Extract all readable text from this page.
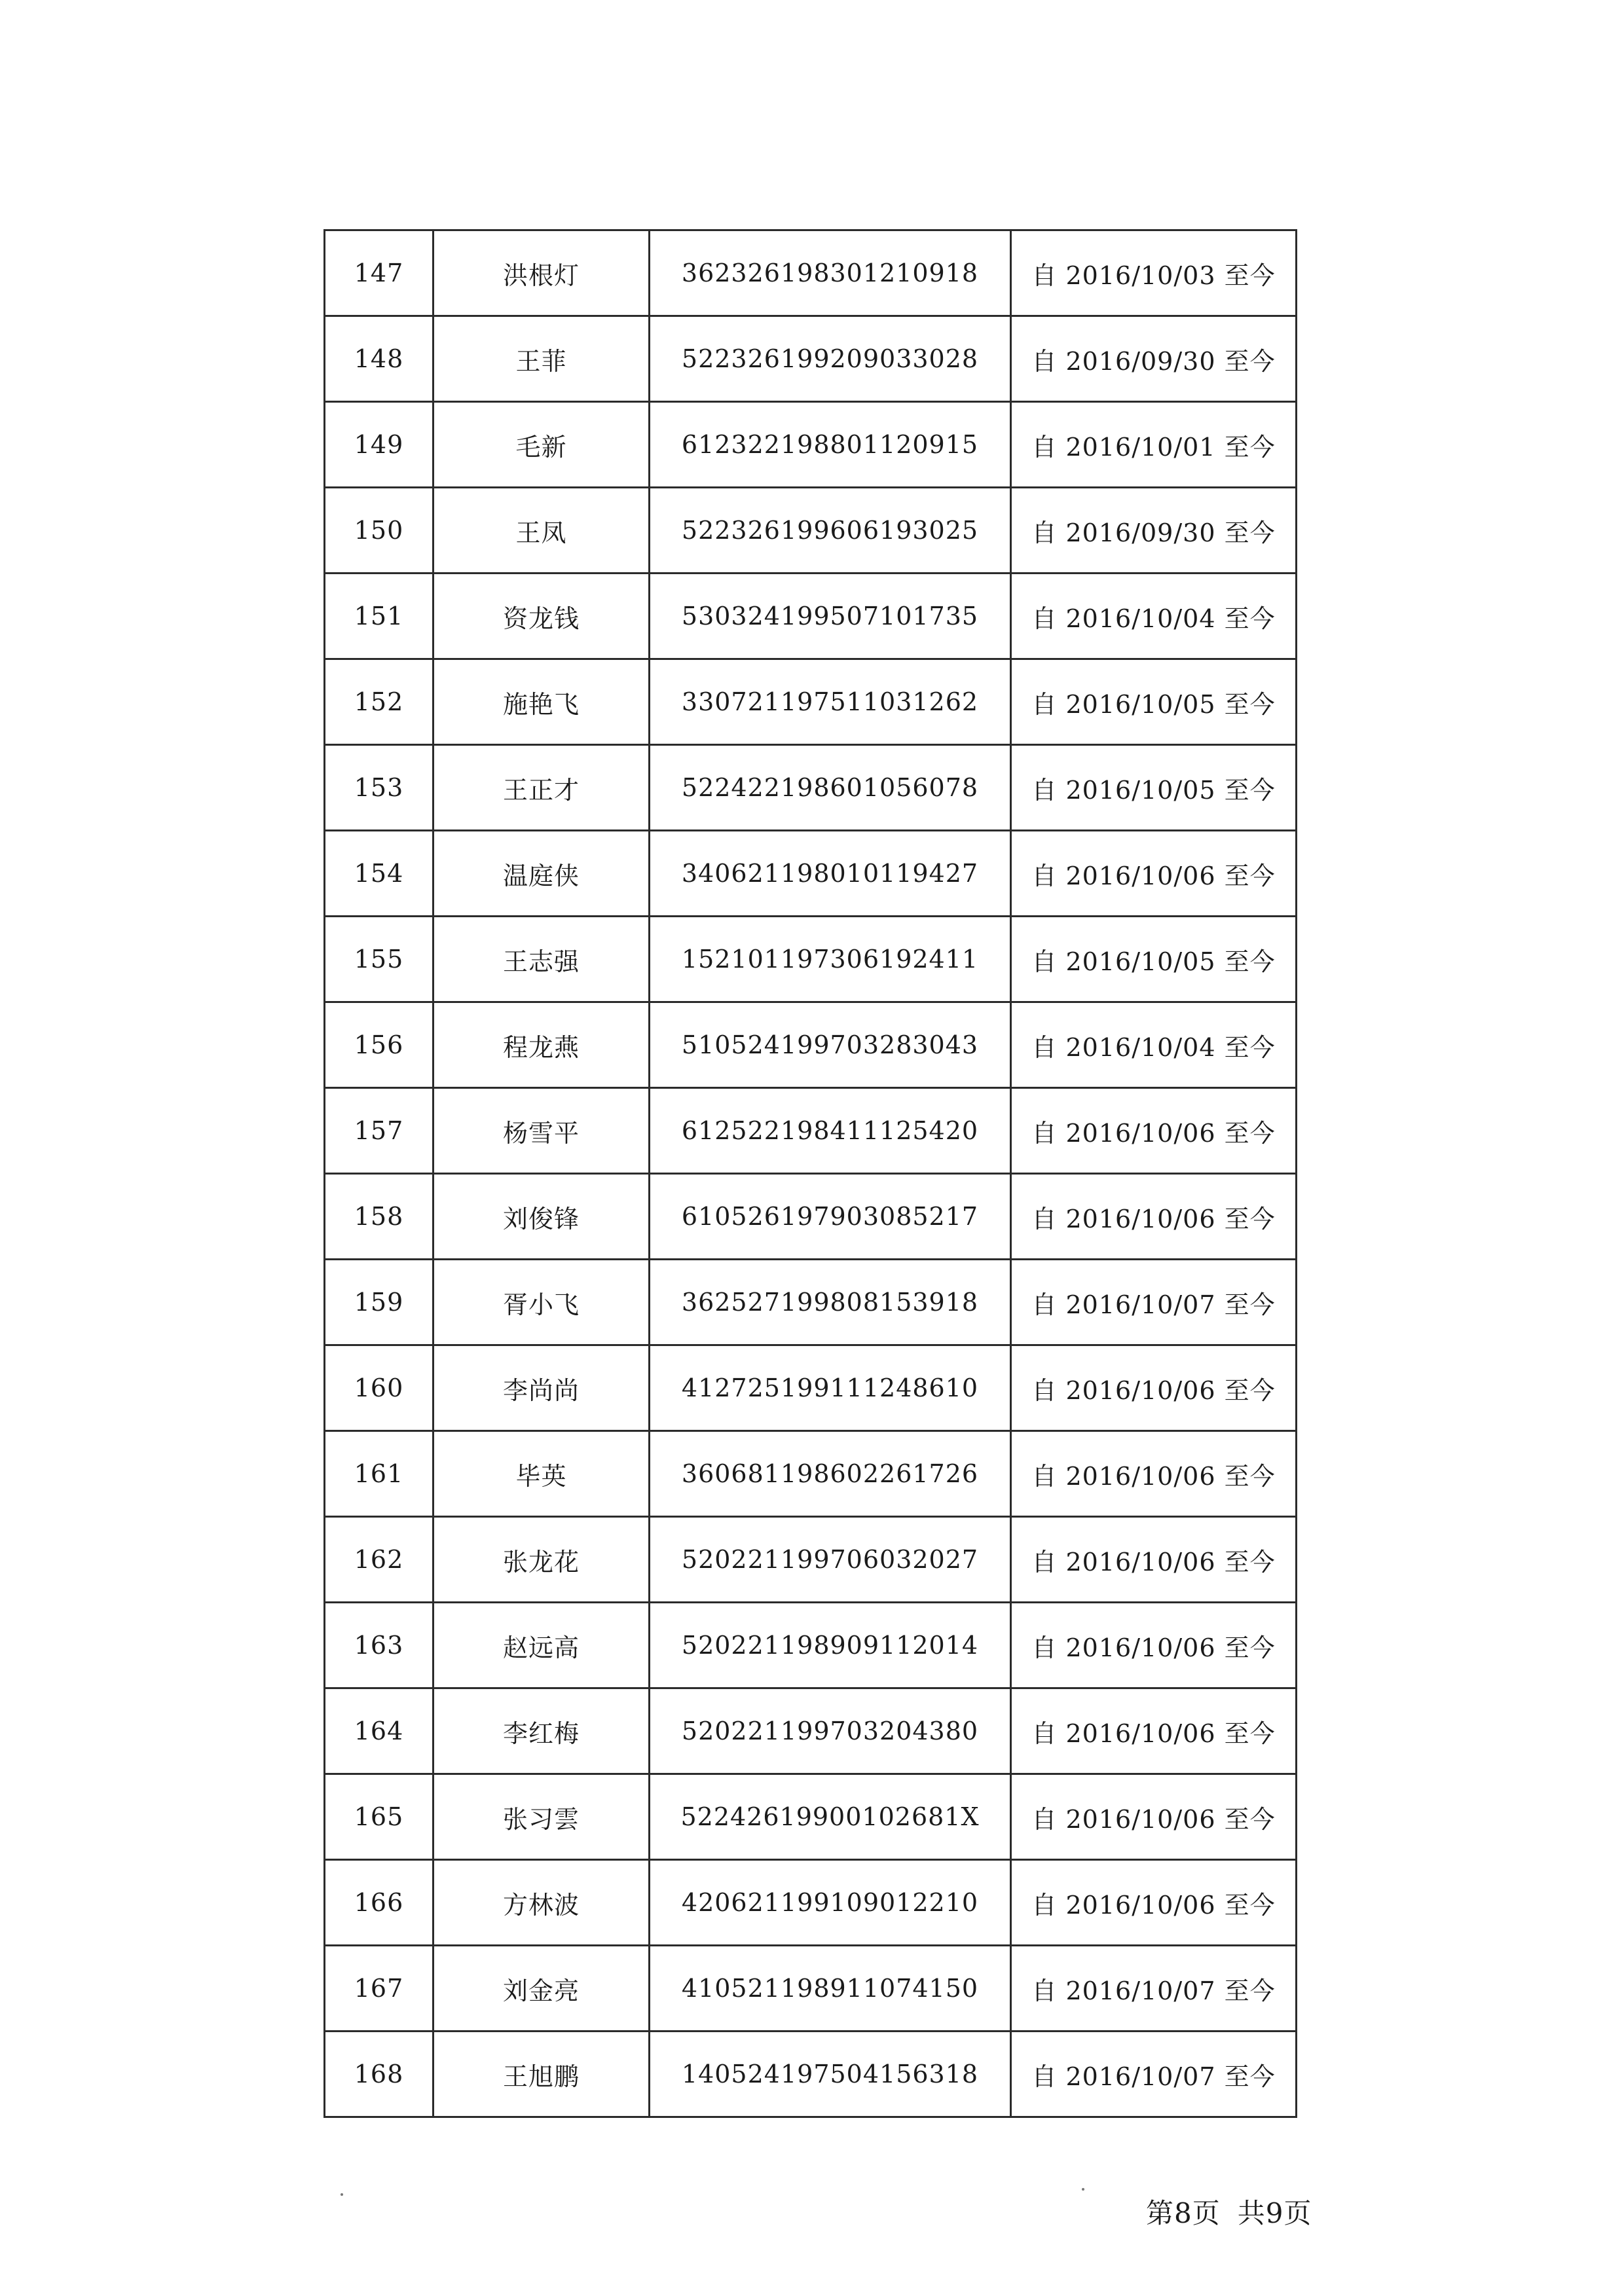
147	洪根灯	362326198301210918	自 2016/10/03 至今
148	王菲	522326199209033028	自 2016/09/30 至今
149	毛新	612322198801120915	自 2016/10/01 至今
150	王凤	522326199606193025	自 2016/09/30 至今
151	资龙钱	530324199507101735	自 2016/10/04 至今
152	施艳飞	330721197511031262	自 2016/10/05 至今
153	王正才	522422198601056078	自 2016/10/05 至今
154	温庭侠	340621198010119427	自 2016/10/06 至今
155	王志强	152101197306192411	自 2016/10/05 至今
156	程龙燕	510524199703283043	自 2016/10/04 至今
157	杨雪平	612522198411125420	自 2016/10/06 至今
158	刘俊锋	610526197903085217	自 2016/10/06 至今
159	胥小飞	362527199808153918	自 2016/10/07 至今
160	李尚尚	412725199111248610	自 2016/10/06 至今
161	毕英	360681198602261726	自 2016/10/06 至今
162	张龙花	520221199706032027	自 2016/10/06 至今
163	赵远高	520221198909112014	自 2016/10/06 至今
164	李红梅	520221199703204380	自 2016/10/06 至今
165	张习雲	52242619900102681X	自 2016/10/06 至今
166	方林波	420621199109012210	自 2016/10/06 至今
167	刘金亮	410521198911074150	自 2016/10/07 至今
168	王旭鹏	140524197504156318	自 2016/10/07 至今
第8页 共9页
